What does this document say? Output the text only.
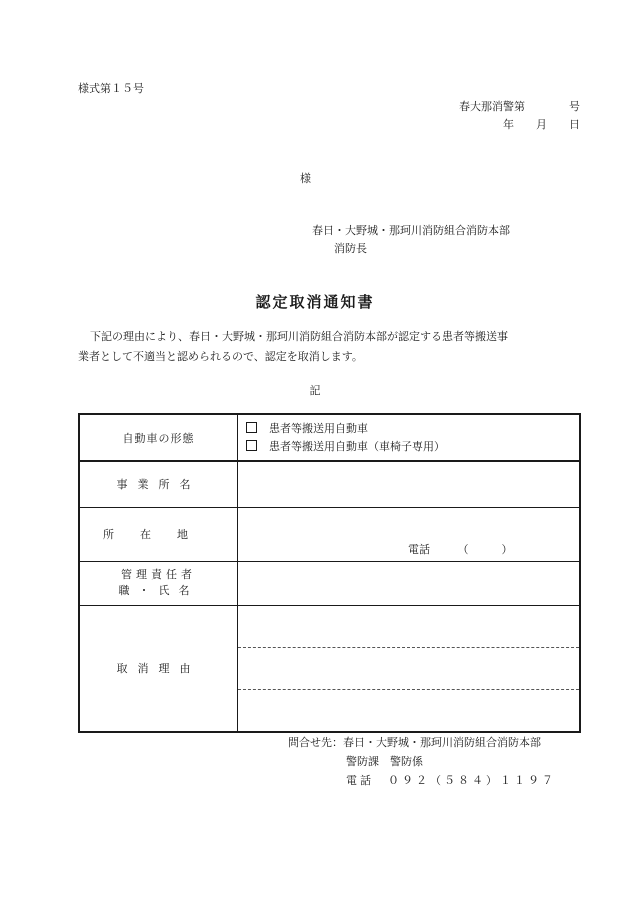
様式第１５号
春大那消警第　　　　号
年　　月　　日
様
春日・大野城・那珂川消防組合消防本部
消防長
認定取消通知書
下記の理由により、春日・大野城・那珂川消防組合消防本部が認定する患者等搬送事
業者として不適当と認められるので、認定を取消します。
記
自動車の形態	患者等搬送用自動車
患者等搬送用自動車（車椅子専用）

事業所名	
所在地	電話　　　（　　　）

管理責任者
職・氏名	

取消理由	
問合せ先：春日・大野城・那珂川消防組合消防本部
警防課　警防係
電話　０９２（５８４）１１９７
